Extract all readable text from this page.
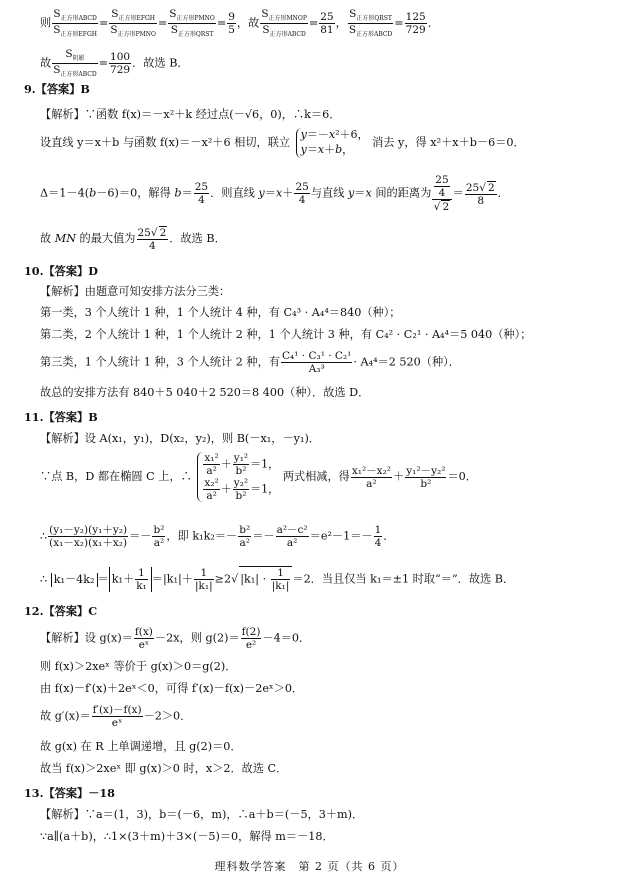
则 $\frac{S_{正方形ABCD}}{S_{正方形EFGH}} = \frac{S_{正方形EFGH}}{S_{正方形PMNO}} = \frac{S_{正方形PMNO}}{S_{正方形QRST}} = \frac{9}{5}$ ，故 $\frac{S_{正方形MNOP}}{S_{正方形ABCD}} = \frac{25}{81}$ ， $\frac{S_{正方形QRST}}{S_{正方形ABCD}} = \frac{125}{729}$ ．
故 $\frac{S_{阴影}}{S_{正方形ABCD}} = \frac{100}{729}$ ．故选 B．
9.【答案】B
【解析】∵函数 f(x)＝－x²＋k 经过点(－√6，0)，∴k＝6．
设直线 y＝x＋b 与函数 f(x)＝－x²＋6 相切，联立
y＝－x²＋6，
y＝x＋b，
消去 y，得 x²＋x＋b－6＝0．
Δ＝1－4(b－6)＝0，解得 $b= \frac{25}{4}$ ．则直线 $y=x+ \frac{25}{4}$ 与直线 y＝x 间的距离为 $\frac{\frac{25}{4}}{√ 2} = \frac{25√ 2}{8}$ ．
故 MN 的最大值为 $\frac{25√ 2}{4}$ ．故选 B．
10.【答案】D
【解析】由题意可知安排方法分三类：
第一类，3 个人统计 1 种，1 个人统计 4 种，有 C₄³ · A₄⁴＝840（种）；
第二类，2 个人统计 1 种，1 个人统计 2 种，1 个人统计 3 种，有 C₄² · C₂¹ · A₄⁴＝5 040（种）；
第三类，1 个人统计 1 种，3 个人统计 2 种，有 $\frac{\text{C₄¹ · C₃¹ · C₂¹}}{\text{A₃³}} \cdot A_4^4=2$ 520（种）．
故总的安排方法有 840＋5 040＋2 520＝8 400（种）．故选 D．
11.【答案】B
【解析】设 A(x₁，y₁)，D(x₂，y₂)，则 B(－x₁，－y₁)．
∵点 B，D 都在椭圆 C 上，∴ $\frac{\text{x₁²}}{\text{a²}} + \frac{\text{y₁²}}{\text{b²}} =1$，
$\frac{\text{x₂²}}{\text{a²}} + \frac{\text{y₂²}}{\text{b²}} =1$，
两式相减，得 $\frac{\text{x₁²－x₂²}}{\text{a²}} + \frac{\text{y₁²－y₂²}}{\text{b²}} =0$．
∴ $\frac{\text{(y₁－y₂)(y₁＋y₂)}}{\text{(x₁－x₂)(x₁＋x₂)}} =- \frac{\text{b²}}{\text{a²}}$ ，即 $k_1k_2=- \frac{\text{b²}}{\text{a²}} =- \frac{\text{a²－c²}}{\text{a²}} =e^2-1=- \frac{1}{4}$ ．
∴ $k_1-4k_2 = k_1+ \frac{1}{\text{k₁}} =|k_1|+ \frac{1}{\text{|k₁|}} \ge 2√$ $|k_1| \cdot \frac{1}{\text{|k₁|}} =2$．当且仅当 k₁＝±1 时取“＝”．故选 B．
12.【答案】C
【解析】设 $g(x)= \frac{f(x)}{\text{eˣ}} -2x$，则 $g(2)= \frac{f(2)}{\text{e²}} -4=0$．
则 f(x)＞2xeˣ 等价于 g(x)＞0＝g(2)．
由 f(x)－f′(x)＋2eˣ＜0，可得 f′(x)－f(x)－2eˣ＞0．
故 $g'(x)= \frac{f'(x)-f(x)}{\text{eˣ}} -2>0$．
故 g(x) 在 R 上单调递增，且 g(2)＝0．
故当 f(x)＞2xeˣ 即 g(x)＞0 时，x＞2．故选 C．
13.【答案】－18
【解析】∵a＝(1，3)，b＝(－6，m)，∴a＋b＝(－5，3＋m)．
∵a∥(a＋b)，∴1×(3＋m)＋3×(－5)＝0，解得 m＝－18．
理科数学答案　第 2 页（共 6 页）
